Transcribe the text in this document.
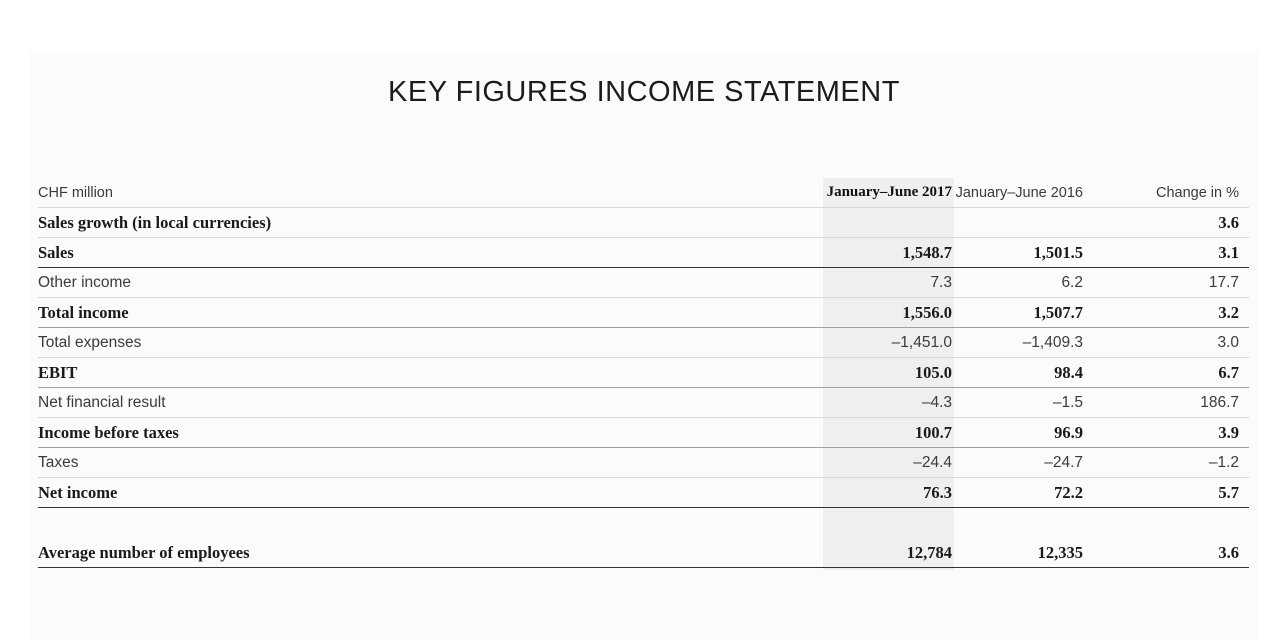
KEY FIGURES INCOME STATEMENT
CHF million	January–June 2017	January–June 2016	Change in %
Sales growth (in local currencies)			3.6
Sales	1,548.7	1,501.5	3.1
Other income	7.3	6.2	17.7
Total income	1,556.0	1,507.7	3.2
Total expenses	–1,451.0	–1,409.3	3.0
EBIT	105.0	98.4	6.7
Net financial result	–4.3	–1.5	186.7
Income before taxes	100.7	96.9	3.9
Taxes	–24.4	–24.7	–1.2
Net income	76.3	72.2	5.7

Average number of employees	12,784	12,335	3.6
